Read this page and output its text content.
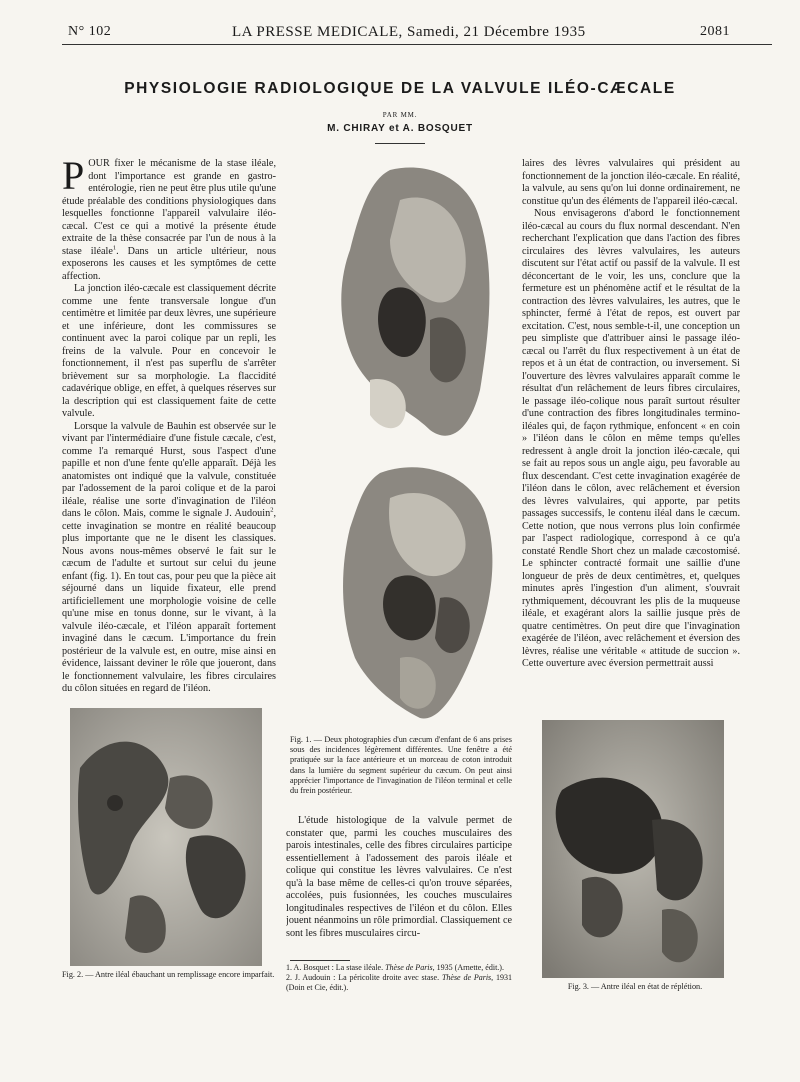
N° 102	LA PRESSE MEDICALE, Samedi, 21 Décembre 1935	2081
PHYSIOLOGIE RADIOLOGIQUE DE LA VALVULE ILÉO-CÆCALE
PAR MM.
M. CHIRAY et A. BOSQUET

POUR fixer le mécanisme de la stase iléale, dont l'importance est grande en gastro-entérologie, rien ne peut être plus utile qu'une étude préalable des conditions physiologiques dans lesquelles fonctionne l'appareil valvulaire iléo-cæcal. C'est ce qui a motivé la présente étude extraite de la thèse consacrée par l'un de nous à la stase iléale$^1$. Dans un article ultérieur, nous exposerons les causes et les symptômes de cette affection.

La jonction iléo-cæcale est classiquement décrite comme une fente transversale longue d'un centimètre et limitée par deux lèvres, une supérieure et une inférieure, dont les commissures se continuent avec la paroi colique par un repli, les freins de la valvule. Pour en concevoir le fonctionnement, il n'est pas superflu de s'arrêter brièvement sur sa morphologie. La flaccidité cadavérique oblige, en effet, à quelques réserves sur la description qui est classiquement faite de cette valvule.

Lorsque la valvule de Bauhin est observée sur le vivant par l'intermédiaire d'une fistule cæcale, c'est, comme l'a remarqué Hurst, sous l'aspect d'une papille et non d'une fente qu'elle apparaît. Déjà les anatomistes ont indiqué que la valvule, constituée par l'adossement de la paroi colique et de la paroi iléale, réalise une sorte d'invagination de l'iléon dans le côlon. Mais, comme le signale J. Audouin$^2$, cette invagination se montre en réalité beaucoup plus importante que ne le disent les classiques. Nous avons nous-mêmes observé le fait sur le cæcum de l'adulte et surtout sur celui du jeune enfant (fig. 1). En tout cas, pour peu que la pièce ait séjourné dans un liquide fixateur, elle prend artificiellement une morphologie voisine de celle qu'une mise en tonus donne, sur le vivant, à la valvule iléo-cæcale, et l'iléon apparaît fortement invaginé dans le cæcum. L'importance du frein postérieur de la valvule est, en outre, mise ainsi en évidence, laissant deviner le rôle que joueront, dans le fonctionnement valvulaire, les fibres circulaires du côlon situées en regard de l'iléon.

Fig. 2. — Antre iléal ébauchant un remplissage encore imparfait.
Fig. 1. — Deux photographies d'un cæcum d'enfant de 6 ans prises sous des incidences légèrement différentes. Une fenêtre a été pratiquée sur la face antérieure et un morceau de coton introduit dans la lumière du segment supérieur du cæcum. On peut ainsi apprécier l'importance de l'invagination de l'iléon terminal et celle du frein postérieur.

L'étude histologique de la valvule permet de constater que, parmi les couches musculaires des parois intestinales, celle des fibres circulaires participe essentiellement à l'adossement des parois iléale et colique qui constitue les lèvres valvulaires. Ce n'est qu'à la base même de celles-ci qu'on trouve séparées, accolées, puis fusionnées, les couches musculaires longitudinales respectives de l'iléon et du côlon. Elles jouent néanmoins un rôle primordial. Classiquement ce sont les fibres musculaires circu-

laires des lèvres valvulaires qui président au fonctionnement de la jonction iléo-cæcale. En réalité, la valvule, au sens qu'on lui donne ordinairement, ne constitue qu'un des éléments de l'appareil iléo-cæcal.

Nous envisagerons d'abord le fonctionnement iléo-cæcal au cours du flux normal descendant. N'en recherchant l'explication que dans l'action des fibres circulaires des lèvres valvulaires, les auteurs discutent sur l'état actif ou passif de la valvule. Il est déconcertant de le voir, les uns, conclure que la fermeture est un phénomène actif et le résultat de la contraction des lèvres valvulaires, les autres, que le sphincter, fermé à l'état de repos, est ouvert par excitation. C'est, nous semble-t-il, une conception un peu simpliste que d'attribuer ainsi le passage iléo-cæcal ou l'arrêt du flux respectivement à un état de repos et à un état de contraction, ou inversement. Si l'ouverture des lèvres valvulaires apparaît comme le résultat d'un relâchement de leurs fibres circulaires, le passage iléo-colique nous paraît surtout résulter d'une contraction des fibres longitudinales termino-iléales qui, de façon rythmique, enfoncent « en coin » l'iléon dans le côlon en même temps qu'elles redressent à angle droit la jonction iléo-cæcale, qui se fait au repos sous un angle aigu, peu favorable au flux descendant. C'est cette invagination exagérée de l'iléon dans le côlon, avec relâchement et éversion des lèvres valvulaires, qui apporte, par petits passages successifs, le contenu iléal dans le cæcum. Cette notion, que nous verrons plus loin confirmée par l'aspect radiologique, correspond à ce qu'a constaté Rendle Short chez un malade cæcostomisé. Le sphincter contracté formait une saillie d'une longueur de près de deux centimètres, et, quelques minutes après l'ingestion d'un aliment, s'ouvrait rythmiquement, découvrant les plis de la muqueuse iléale, et exagérant alors la saillie jusque près de quatre centimètres. On peut dire que l'invagination exagérée de l'iléon, avec relâchement et éversion des lèvres, réalise une véritable « attitude de succion ». Cette ouverture avec éversion permettrait aussi

Fig. 3. — Antre iléal en état de réplétion.
1. A. Bosquet : La stase iléale. Thèse de Paris, 1935 (Arnette, édit.).
2. J. Audouin : La péricolite droite avec stase. Thèse de Paris, 1931 (Doin et Cie, édit.).
